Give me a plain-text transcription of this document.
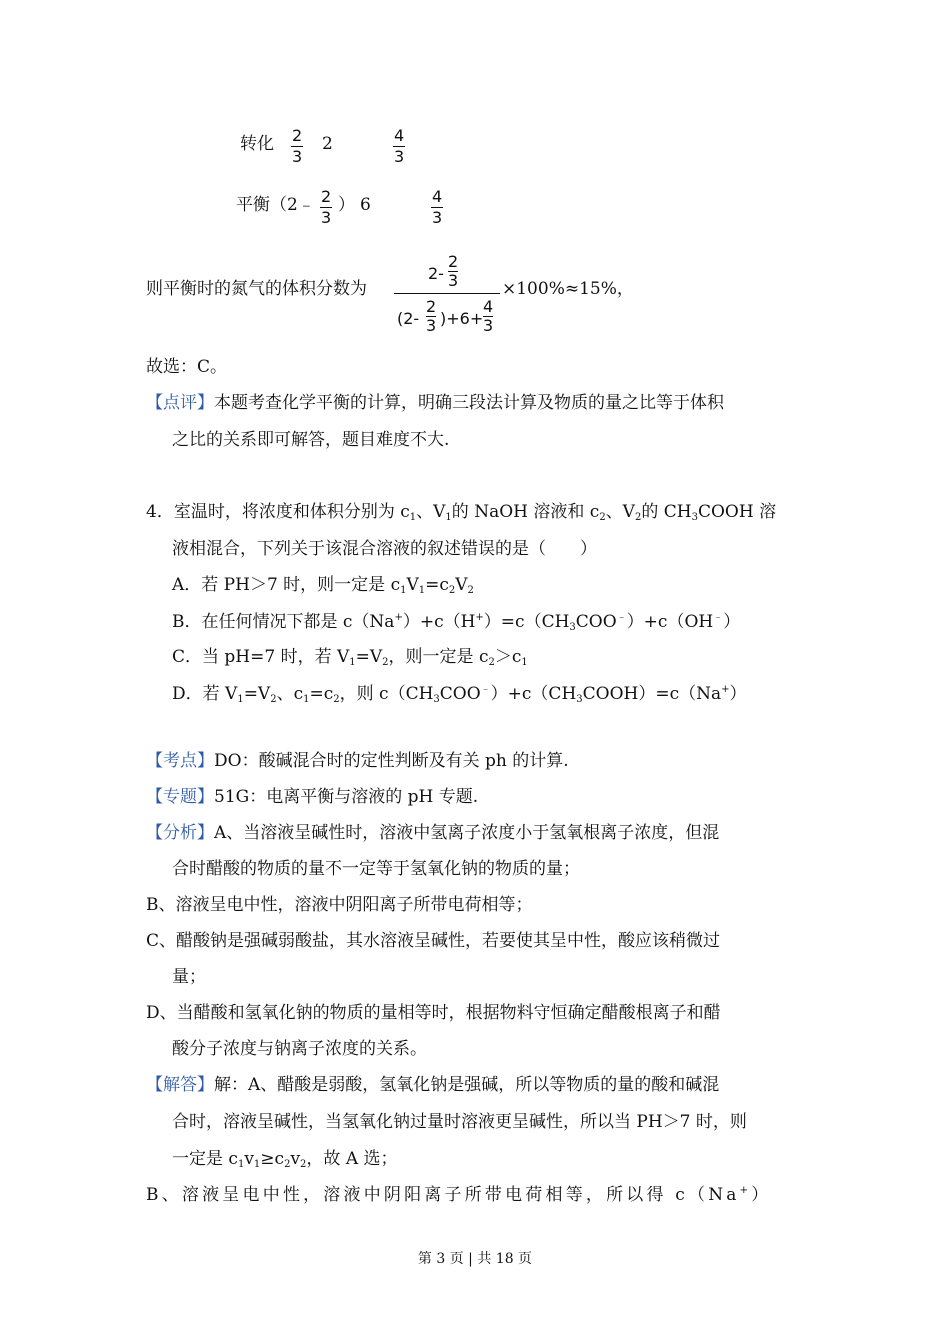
转化 $\frac{2}{3} 2$	$\frac{4}{3}$
平衡（2﹣ $\frac{2}{3}$ ） 6	$\frac{4}{3}$
则平衡时的氮气的体积分数为
2-
2
3
(2-
2
3 )+6+
4
3
×100%≈15%，
故选：C。
【点评】本题考查化学平衡的计算，明确三段法计算及物质的量之比等于体积
之比的关系即可解答，题目难度不大.
4．室温时，将浓度和体积分别为 $c_1$、$V_1$的 NaOH 溶液和 $c_2$、$V_2$的 $CH_3COOH$ 溶
液相混合，下列关于该混合溶液的叙述错误的是（　　）
A．若 PH＞7 时，则一定是 $c_1V_1=c_2V_2$
B．在任何情况下都是 $c(Na^+)+c(H^+)=c(CH_3COO^﹣)+c(OH^﹣)$
C．当 pH=7 时，若 $V_1=V_2$，则一定是 $c_2>c_1$
D．若 $V_1=V_2$、$c_1=c_2$，则 $c(CH_3COO^﹣)+c(CH_3COOH)=c(Na^+)$
【考点】DO：酸碱混合时的定性判断及有关 ph 的计算.
【专题】51G：电离平衡与溶液的 pH 专题.
【分析】A、当溶液呈碱性时，溶液中氢离子浓度小于氢氧根离子浓度，但混
合时醋酸的物质的量不一定等于氢氧化钠的物质的量；
B、溶液呈电中性，溶液中阴阳离子所带电荷相等；
C、醋酸钠是强碱弱酸盐，其水溶液呈碱性，若要使其呈中性，酸应该稍微过
量；
D、当醋酸和氢氧化钠的物质的量相等时，根据物料守恒确定醋酸根离子和醋
酸分子浓度与钠离子浓度的关系。
【解答】解：A、醋酸是弱酸，氢氧化钠是强碱，所以等物质的量的酸和碱混
合时，溶液呈碱性，当氢氧化钠过量时溶液更呈碱性，所以当 PH＞7 时，则
一定是 $c_1v_1\ge c_2v_2$，故 A 选；
B、溶液呈电中性，溶液中阴阳离子所带电荷相等，所以得 c（Na+）
第 3 页 | 共 18 页
